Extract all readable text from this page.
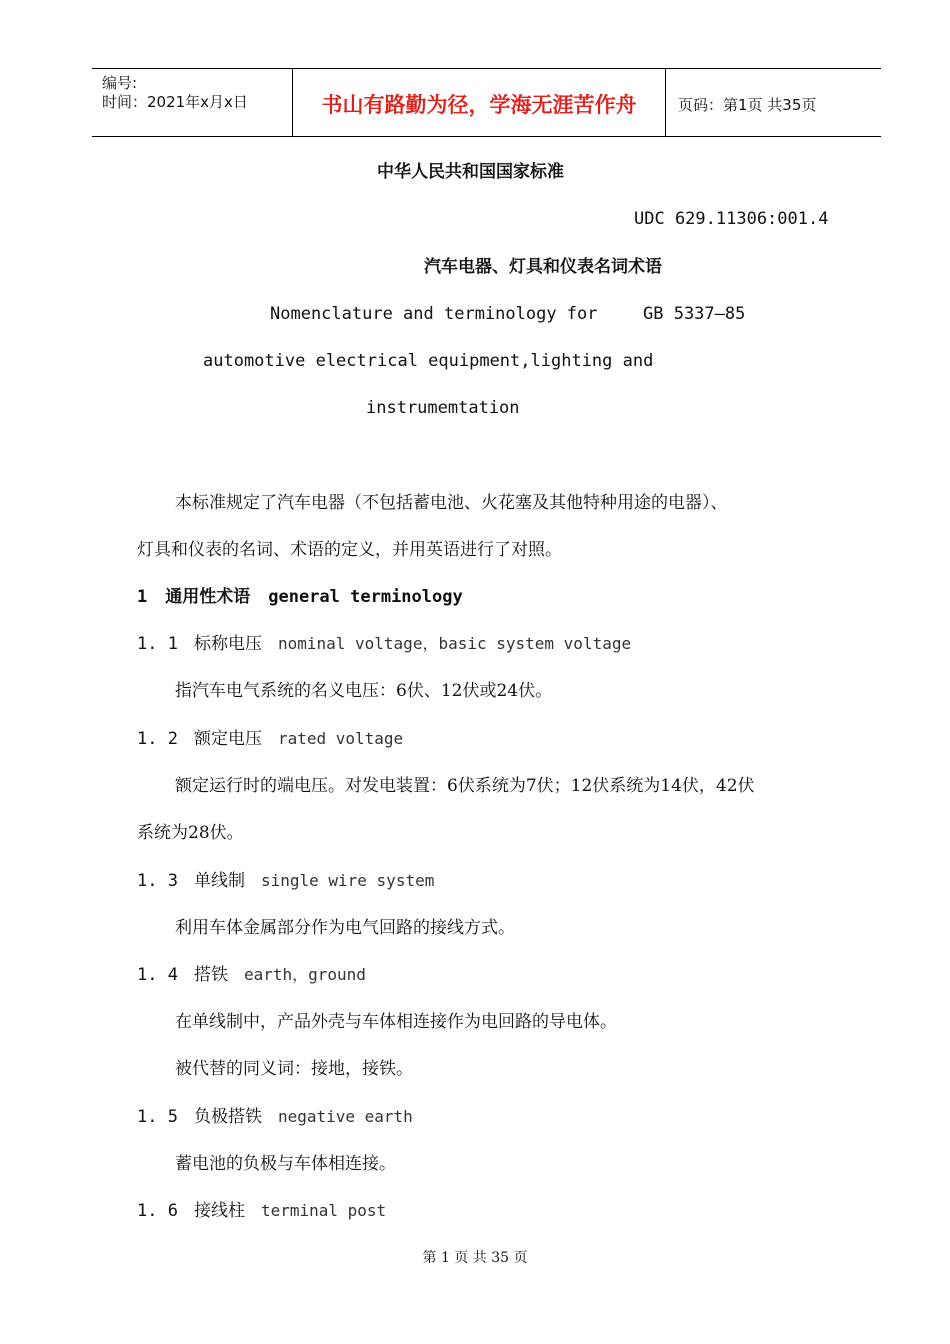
编号:
时间：2021年x月x日	书山有路勤为径，学海无涯苦作舟	页码：第1页 共35页
中华人民共和国国家标准
UDC 629.11306:001.4
汽车电器、灯具和仪表名词术语
Nomenclature and terminology for	GB 5337—85
automotive electrical equipment,lighting and
instrumemtation
本标准规定了汽车电器（不包括蓄电池、火花塞及其他特种用途的电器）、
灯具和仪表的名词、术语的定义，并用英语进行了对照。
1 通用性术语 general terminology
1. 1 标称电压 nominal voltage，basic system voltage
指汽车电气系统的名义电压：6伏、12伏或24伏。
1. 2 额定电压 rated voltage
额定运行时的端电压。对发电装置：6伏系统为7伏；12伏系统为14伏，42伏
系统为28伏。
1. 3 单线制 single wire system
利用车体金属部分作为电气回路的接线方式。
1. 4 搭铁 earth，ground
在单线制中，产品外壳与车体相连接作为电回路的导电体。
被代替的同义词：接地，接铁。
1. 5 负极搭铁 negative earth
蓄电池的负极与车体相连接。
1. 6 接线柱 terminal post
第 1 页 共 35 页
